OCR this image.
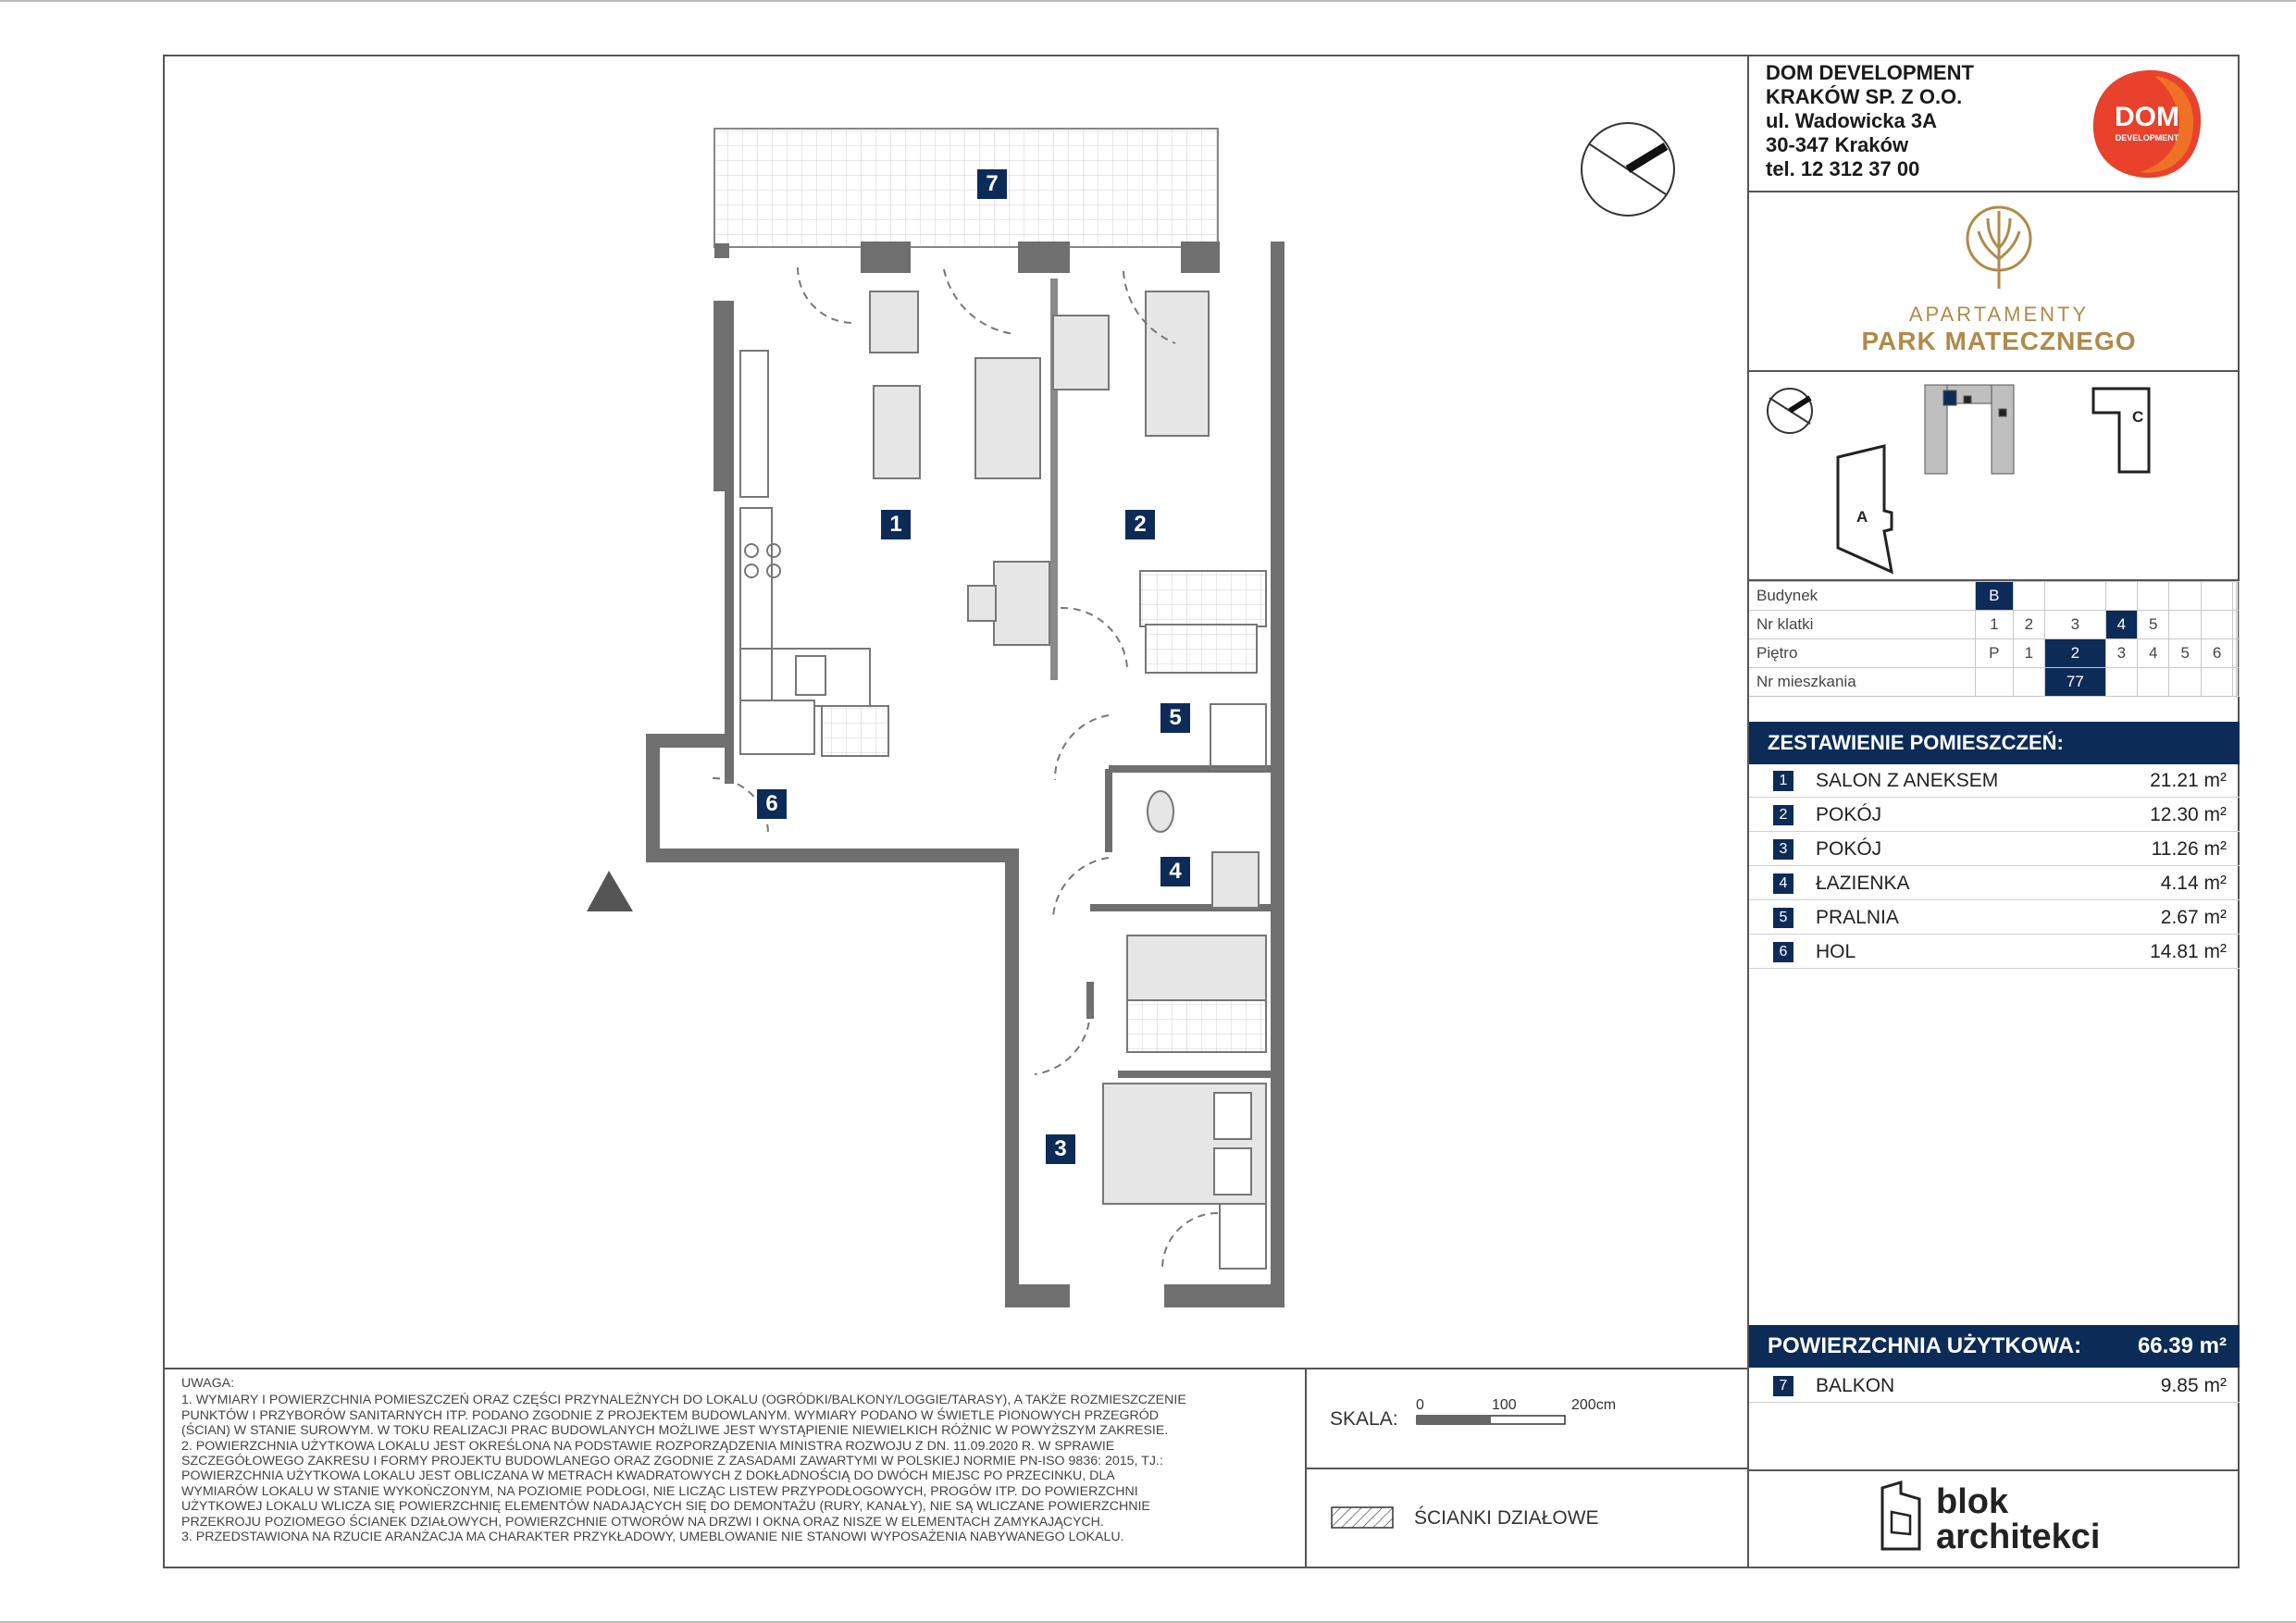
DOM DEVELOPMENT
KRAKÓW SP. Z O.O.
ul. Wadowicka 3A
30-347 Kraków
tel. 12 312 37 00
DOM
DEVELOPMENT
APARTAMENTY
PARK MATECZNEGO
C
A
Budynek	B								
Nr klatki	1	2	3	4	5				
Piętro	P	1	2	3	4	5	6		
Nr mieszkania			77						
ZESTAWIENIE POMIESZCZEŃ:
1	SALON Z ANEKSEM	21.21 m²
2	POKÓJ	12.30 m²
3	POKÓJ	11.26 m²
4	ŁAZIENKA	4.14 m²
5	PRALNIA	2.67 m²
6	HOL	14.81 m²
POWIERZCHNIA UŻYTKOWA:	66.39 m²
7	BALKON	9.85 m²
UWAGA:
1. WYMIARY I POWIERZCHNIA POMIESZCZEŃ ORAZ CZĘŚCI PRZYNALEŻNYCH DO LOKALU (OGRÓDKI/BALKONY/LOGGIE/TARASY), A TAKŻE ROZMIESZCZENIE
PUNKTÓW I PRZYBORÓW SANITARNYCH ITP. PODANO ZGODNIE Z PROJEKTEM BUDOWLANYM. WYMIARY PODANO W ŚWIETLE PIONOWYCH PRZEGRÓD
(ŚCIAN) W STANIE SUROWYM. W TOKU REALIZACJI PRAC BUDOWLANYCH MOŻLIWE JEST WYSTĄPIENIE NIEWIELKICH RÓŻNIC W POWYŻSZYM ZAKRESIE.
2. POWIERZCHNIA UŻYTKOWA LOKALU JEST OKREŚLONA NA PODSTAWIE ROZPORZĄDZENIA MINISTRA ROZWOJU Z DN. 11.09.2020 R. W SPRAWIE
SZCZEGÓŁOWEGO ZAKRESU I FORMY PROJEKTU BUDOWLANEGO ORAZ ZGODNIE Z ZASADAMI ZAWARTYMI W POLSKIEJ NORMIE PN-ISO 9836: 2015, TJ.:
POWIERZCHNIA UŻYTKOWA LOKALU JEST OBLICZANA W METRACH KWADRATOWYCH Z DOKŁADNOŚCIĄ DO DWÓCH MIEJSC PO PRZECINKU, DLA
WYMIARÓW LOKALU W STANIE WYKOŃCZONYM, NA POZIOMIE PODŁOGI, NIE LICZĄC LISTEW PRZYPODŁOGOWYCH, PROGÓW ITP. DO POWIERZCHNI
UŻYTKOWEJ LOKALU WLICZA SIĘ POWIERZCHNIĘ ELEMENTÓW NADAJĄCYCH SIĘ DO DEMONTAŻU (RURY, KANAŁY), NIE SĄ WLICZANE POWIERZCHNIE
PRZEKROJU POZIOMEGO ŚCIANEK DZIAŁOWYCH, POWIERZCHNIE OTWORÓW NA DRZWI I OKNA ORAZ NISZE W ELEMENTACH ZAMYKAJĄCYCH.
3. PRZEDSTAWIONA NA RZUCIE ARANŻACJA MA CHARAKTER PRZYKŁADOWY, UMEBLOWANIE NIE STANOWI WYPOSAŻENIA NABYWANEGO LOKALU.
SKALA:
0	100	200cm
ŚCIANKI DZIAŁOWE	blok
architekci
7
1	2
5
6
4
3
